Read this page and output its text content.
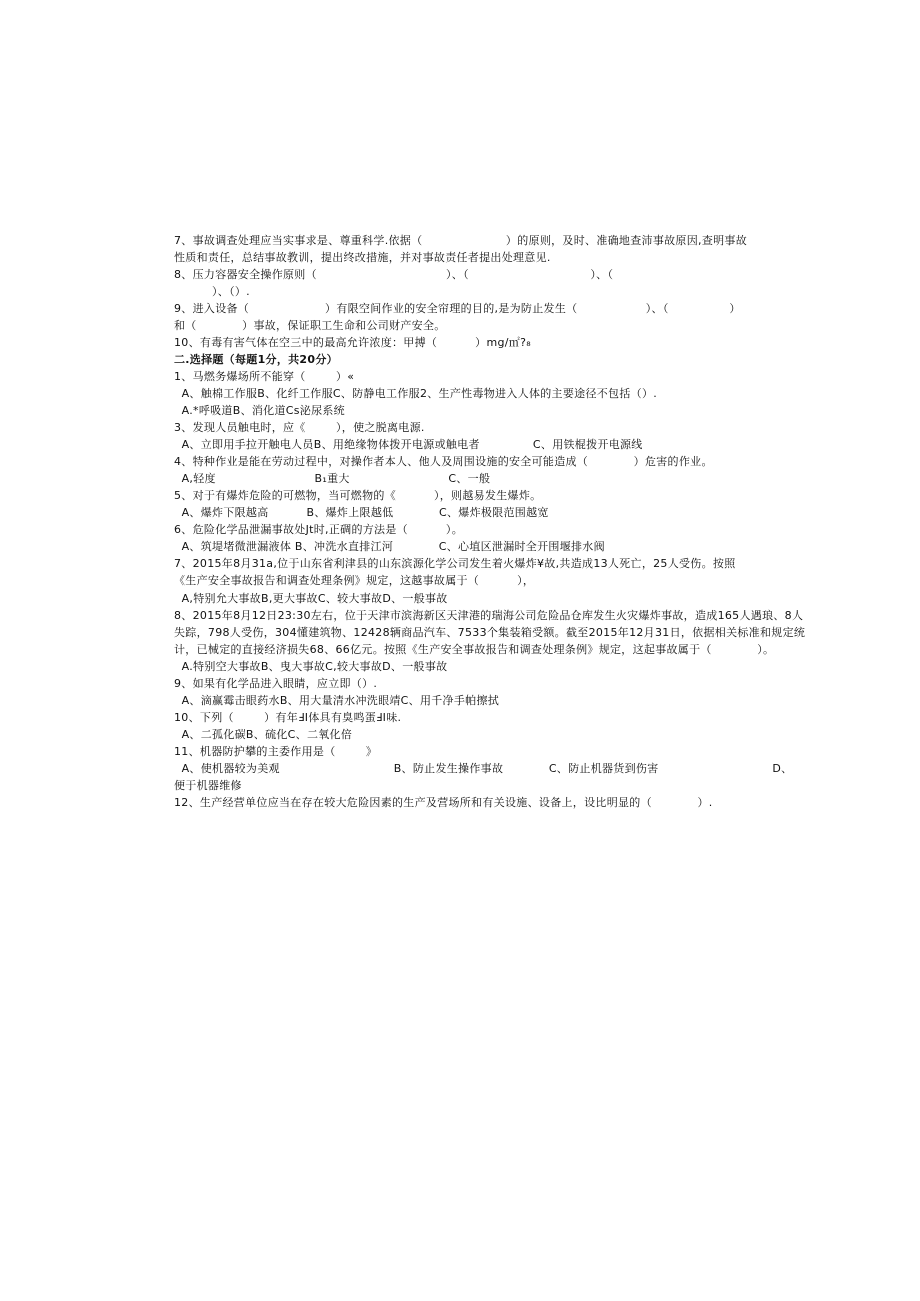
7、事故调查处理应当实事求是、尊重科学.依据（                      ）的原则，及时、准确地查沛事故原因,查明事故
性质和责任，总结事故教训，提出终改措施，并对事故责任者提出处理意见.
8、压力容器安全操作原则（                                  ）、（                                ）、（
）、（）.
9、进入设备（                    ）有限空间作业的安全帘理的目的,是为防止发生（                  ）、（                ）
和（            ）事故，保证职工生命和公司财产安全。
10、有毒有害气体在空三中的最高允许浓度：甲搏（          ）mg/㎡?₈
二.选择题（每题1分，共20分）
1、马燃务爆场所不能穿（        ）«
A、触棉工作服B、化纤工作服C、防静电工作服2、生产性毒物进入人体的主要途径不包括（）.
A.*呼吸道B、消化道Cs泌尿系统
3、发现人员触电时，应《        ），使之脱离电源.
A、立即用手拉开触电人员B、用绝缘物体拨开电源或触电者              C、用铁棍拨开电源线
4、特种作业是能在劳动过程中，对操作者本人、他人及周围设施的安全可能造成（            ）危害的作业。
A,轻度                          B₁重大                          C、一般
5、对于有爆炸危险的可燃物，当可燃物的《          ），则越易发生爆炸。
A、爆炸下限越高          B、爆炸上限越低            C、爆炸极限范围越宽
6、危险化学品泄漏事故处Jt时,正碉的方法是（          ）。
A、筑堤堵微泄漏液体 B、冲洗水直排江河            C、心埴区泄漏时全开围堰排水阀
7、2015年8月31a,位于山东省利津县的山东滨源化学公司发生着火爆炸¥故,共造成13人死亡，25人受伤。按照
《生产安全事故报告和调查处理条例》规定，这越事故属于（          ），
A,特别允大事故B,更大事故C、较大事故D、一般事故
8、2015年8月12日23:30左右，位于天津市滨海新区天津港的瑞海公司危险品仓库发生火灾爆炸事故，造成165人遇琅、8人
失踪，798人受伤，304懂建筑物、12428辆商品汽车、7533个集装箱受额。截至2015年12月31日，依据相关标准和规定统
计，已械定的直接经济损失68、66亿元。按照《生产安全事故报告和调查处理条例》规定，这起事故属于（            ）。
A.特别空大事故B、曳大事故C,较大事故D、一般事故
9、如果有化学品进入眼睛，应立即（）.
A、滴赢霉击眼药水B、用大量清水冲洗眼靖C、用千净手帕擦拭
10、下列（        ）有年ℲI体具有臭鸣蛋ℲI味.
A、二孤化碳B、硫化C、二氧化倍
11、机器防护攀的主委作用是（        》
A、使机器较为美观                              B、防止发生操作事故            C、防止机器货到伤害                              D、
便于机器维修
12、生产经营单位应当在存在较大危险因素的生产及营场所和有关设施、设备上，设比明显的（            ）.
